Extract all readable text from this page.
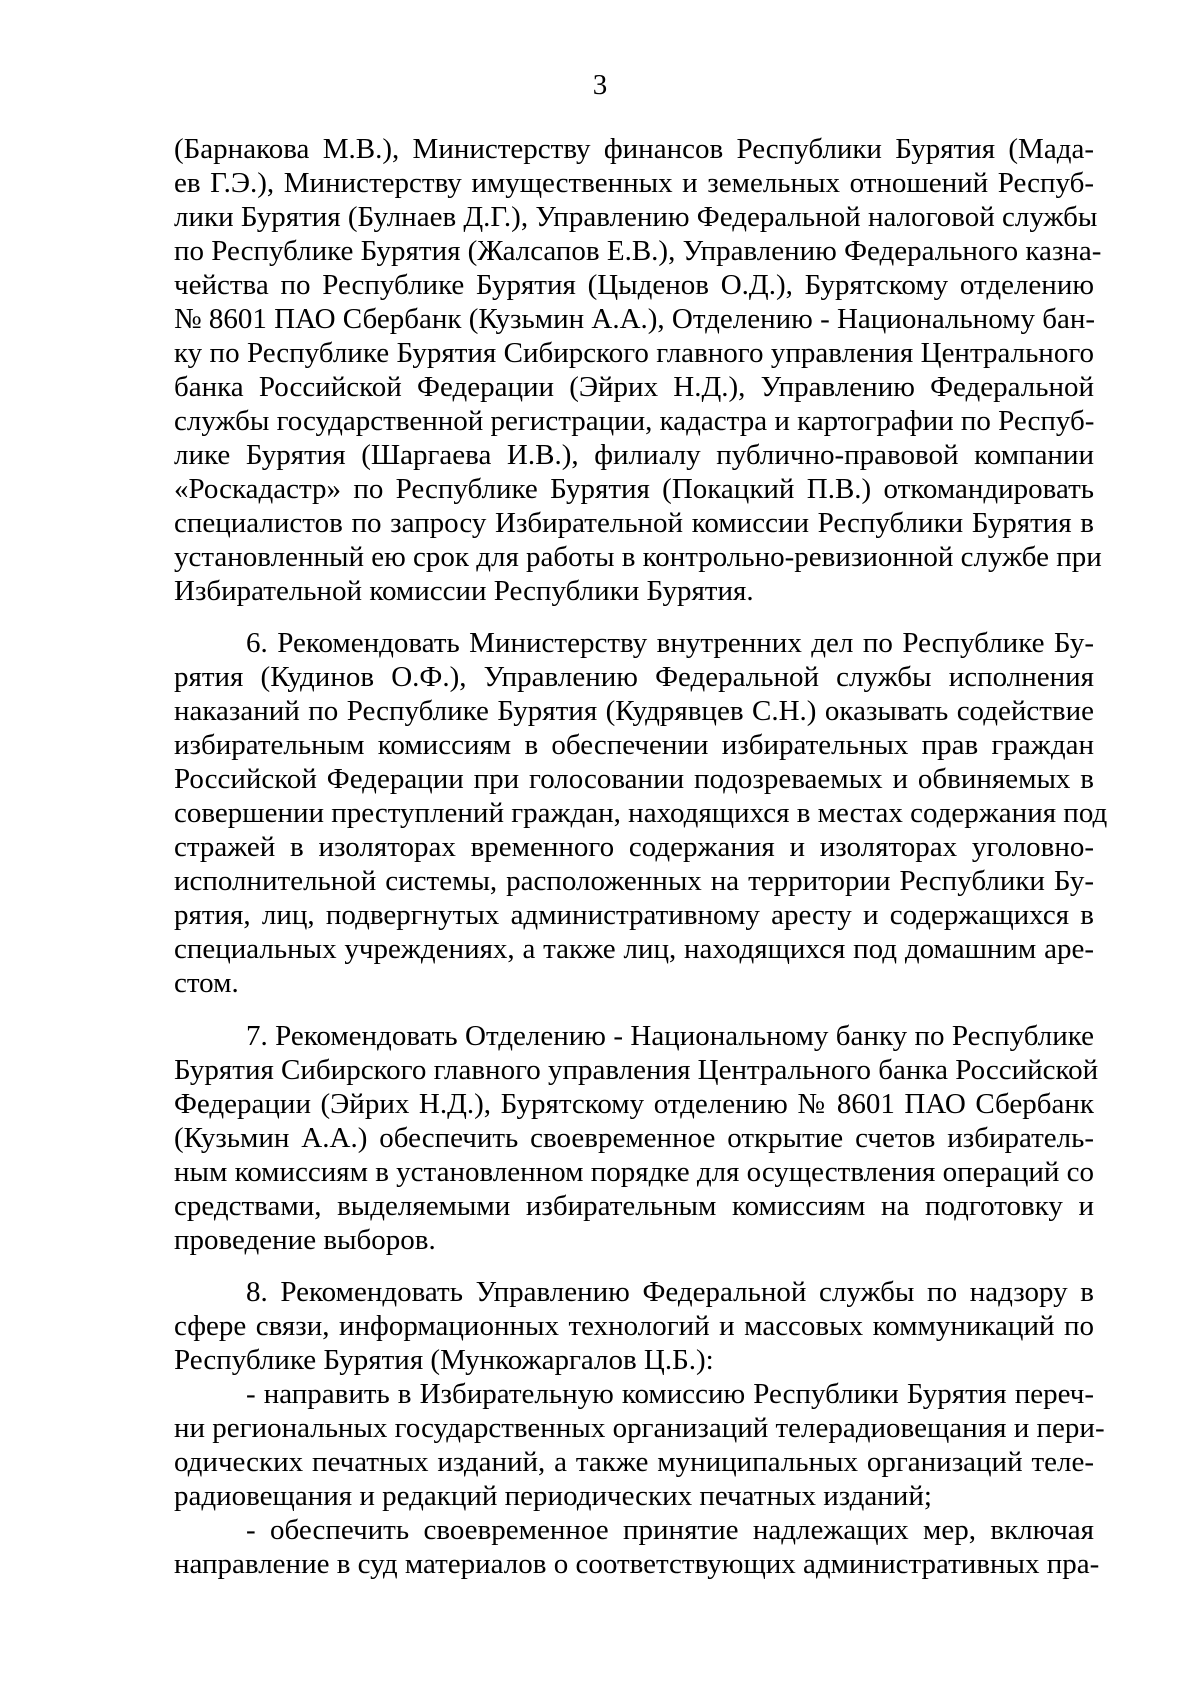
3
(Барнакова М.В.), Министерству финансов Республики Бурятия (Мада-
ев Г.Э.), Министерству имущественных и земельных отношений Респуб-
лики Бурятия (Булнаев Д.Г.), Управлению Федеральной налоговой службы
по Республике Бурятия (Жалсапов Е.В.), Управлению Федерального казна-
чейства по Республике Бурятия (Цыденов О.Д.), Бурятскому отделению
№ 8601 ПАО Сбербанк (Кузьмин А.А.), Отделению - Национальному бан-
ку по Республике Бурятия Сибирского главного управления Центрального
банка Российской Федерации (Эйрих Н.Д.), Управлению Федеральной
службы государственной регистрации, кадастра и картографии по Респуб-
лике Бурятия (Шаргаева И.В.), филиалу публично-правовой компании
«Роскадастр» по Республике Бурятия (Покацкий П.В.) откомандировать
специалистов по запросу Избирательной комиссии Республики Бурятия в
установленный ею срок для работы в контрольно-ревизионной службе при
Избирательной комиссии Республики Бурятия.
6. Рекомендовать Министерству внутренних дел по Республике Бу-
рятия (Кудинов О.Ф.), Управлению Федеральной службы исполнения
наказаний по Республике Бурятия (Кудрявцев С.Н.) оказывать содействие
избирательным комиссиям в обеспечении избирательных прав граждан
Российской Федерации при голосовании подозреваемых и обвиняемых в
совершении преступлений граждан, находящихся в местах содержания под
стражей в изоляторах временного содержания и изоляторах уголовно-
исполнительной системы, расположенных на территории Республики Бу-
рятия, лиц, подвергнутых административному аресту и содержащихся в
специальных учреждениях, а также лиц, находящихся под домашним аре-
стом.
7. Рекомендовать Отделению - Национальному банку по Республике
Бурятия Сибирского главного управления Центрального банка Российской
Федерации (Эйрих Н.Д.), Бурятскому отделению № 8601 ПАО Сбербанк
(Кузьмин А.А.) обеспечить своевременное открытие счетов избиратель-
ным комиссиям в установленном порядке для осуществления операций со
средствами, выделяемыми избирательным комиссиям на подготовку и
проведение выборов.
8. Рекомендовать Управлению Федеральной службы по надзору в
сфере связи, информационных технологий и массовых коммуникаций по
Республике Бурятия (Мункожаргалов Ц.Б.):
- направить в Избирательную комиссию Республики Бурятия переч-
ни региональных государственных организаций телерадиовещания и пери-
одических печатных изданий, а также муниципальных организаций теле-
радиовещания и редакций периодических печатных изданий;
- обеспечить своевременное принятие надлежащих мер, включая
направление в суд материалов о соответствующих административных пра-
